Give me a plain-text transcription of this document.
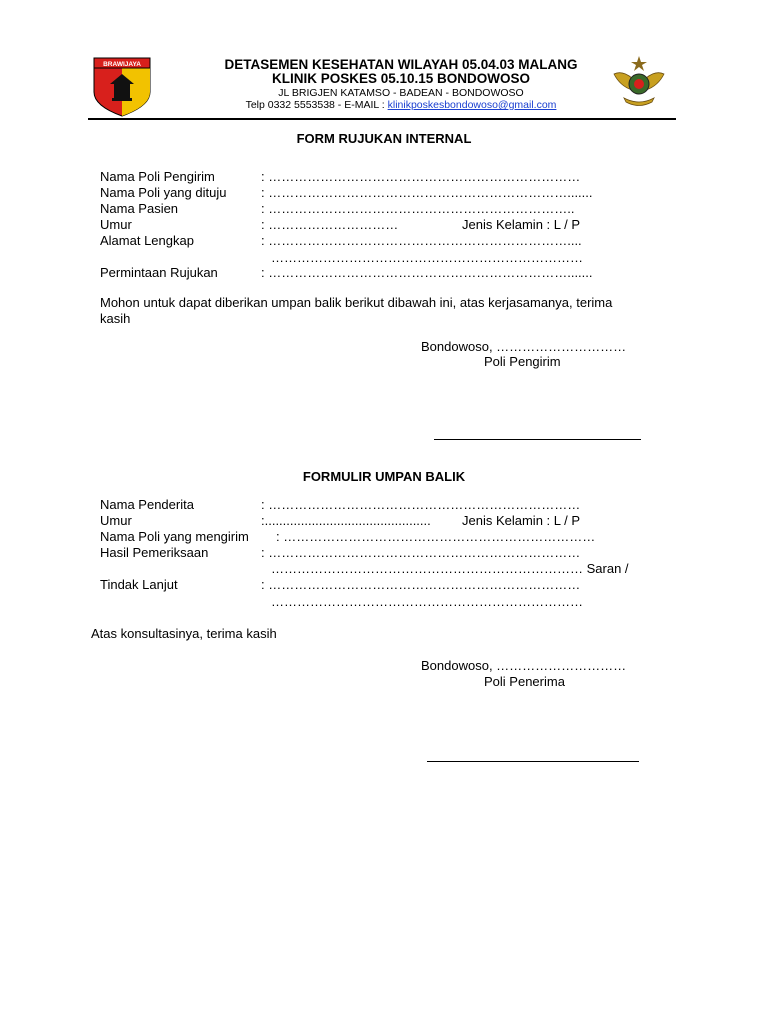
BRAWIJAYA	DETASEMEN KESEHATAN WILAYAH 05.04.03 MALANG
KLINIK POSKES 05.10.15 BONDOWOSO
JL BRIGJEN KATAMSO - BADEAN - BONDOWOSO
Telp 0332 5553538 - E-MAIL : klinikposkesbondowoso@gmail.com
FORM RUJUKAN INTERNAL
Nama Poli Pengirim	: ………………………………………………………………
Nama Poli yang dituju	: …………………………………………………………….......
Nama Pasien	: ……………………………………………………………..
Umur	: …………………………	Jenis Kelamin : L / P
Alamat Lengkap	: ……………………………………………………………....
………………………………………………………………
Permintaan Rujukan	: …………………………………………………………….......
Mohon untuk dapat diberikan umpan balik berikut dibawah ini, atas kerjasamanya, terima
kasih
Bondowoso, …………………………
Poli Pengirim
FORMULIR UMPAN BALIK
Nama Penderita	: ………………………………………………………………
Umur	:.............................................. Jenis Kelamin : L / P
Nama Poli yang mengirim : ………………………………………………………………
Hasil Pemeriksaan	: ………………………………………………………………
……………………………………………………………… Saran /
Tindak Lanjut	: ………………………………………………………………
………………………………………………………………
Atas konsultasinya, terima kasih
Bondowoso, …………………………
Poli Penerima
